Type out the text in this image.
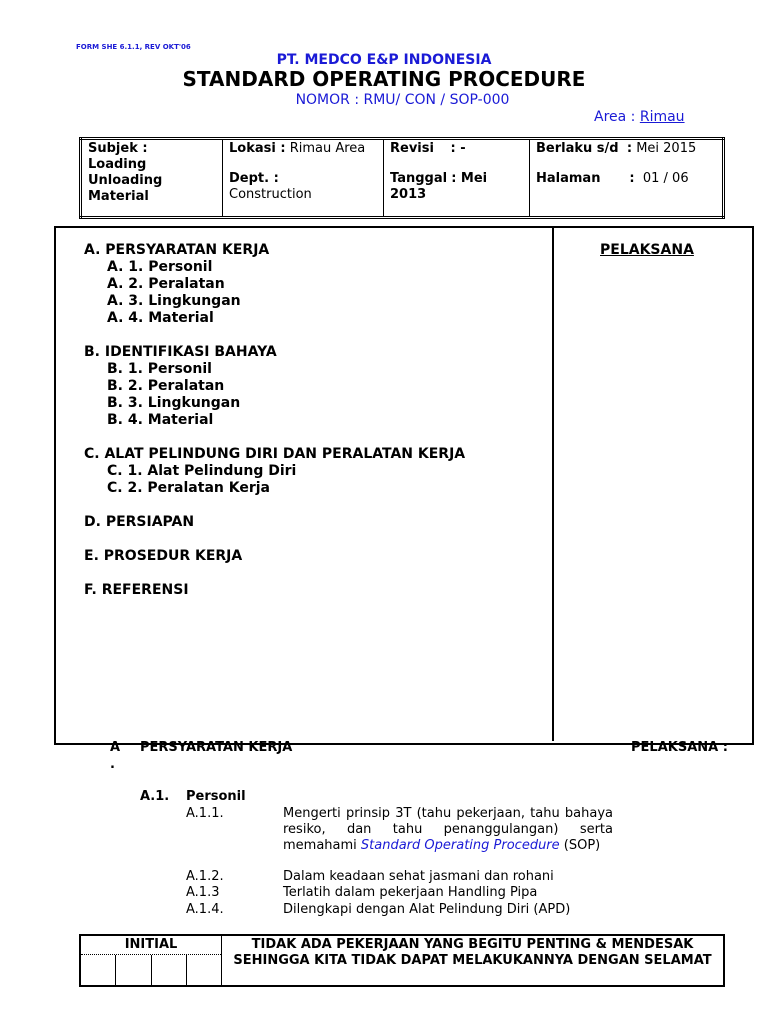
FORM SHE 6.1.1, REV OKT'06
PT. MEDCO E&P INDONESIA
STANDARD OPERATING PROCEDURE
NOMOR : RMU/ CON / SOP-000
Area : Rimau
Subjek :
Loading Unloading Material

Lokasi : Rimau Area
Dept. :
Construction

Revisi : -
Tanggal : Mei 2013

Berlaku s/d : Mei 2015
Halaman : 01 / 06
PELAKSANA
A. PERSYARATAN KERJA
A. 1. Personil
A. 2. Peralatan
A. 3. Lingkungan
A. 4. Material
B. IDENTIFIKASI BAHAYA
B. 1. Personil
B. 2. Peralatan
B. 3. Lingkungan
B. 4. Material
C. ALAT PELINDUNG DIRI DAN PERALATAN KERJA
C. 1. Alat Pelindung Diri
C. 2. Peralatan Kerja
D. PERSIAPAN
E. PROSEDUR KERJA
F. REFERENSI
A
.
PERSYARATAN KERJA	PELAKSANA :
A.1. Personil
A.1.1.	Mengerti prinsip 3T (tahu pekerjaan, tahu bahaya resiko, dan tahu penanggulangan) serta memahami Standard Operating Procedure (SOP)
A.1.2.	Dalam keadaan sehat jasmani dan rohani
A.1.3	Terlatih dalam pekerjaan Handling Pipa
A.1.4.	Dilengkapi dengan Alat Pelindung Diri (APD)
INITIAL	TIDAK ADA PEKERJAAN YANG BEGITU PENTING & MENDESAK SEHINGGA KITA TIDAK DAPAT MELAKUKANNYA DENGAN SELAMAT
